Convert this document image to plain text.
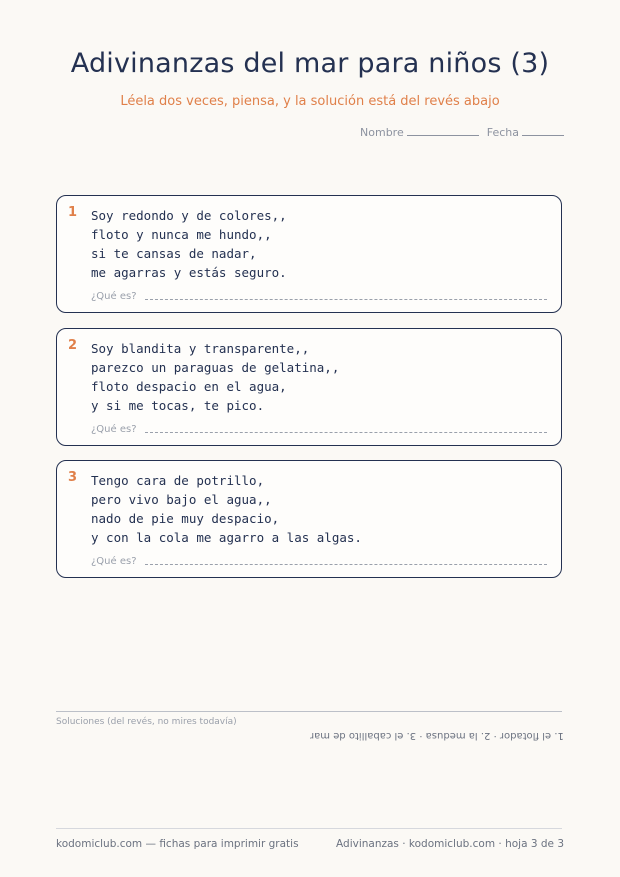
Adivinanzas del mar para niños (3)
Léela dos veces, piensa, y la solución está del revés abajo
Nombre	Fecha
1 Soy redondo y de colores,,
floto y nunca me hundo,,
si te cansas de nadar,
me agarras y estás seguro.
¿Qué es?
2 Soy blandita y transparente,,
parezco un paraguas de gelatina,,
floto despacio en el agua,
y si me tocas, te pico.
¿Qué es?
3 Tengo cara de potrillo,
pero vivo bajo el agua,,
nado de pie muy despacio,
y con la cola me agarro a las algas.
¿Qué es?
Soluciones (del revés, no mires todavía)
1. el flotador · 2. la medusa · 3. el caballito de mar
kodomiclub.com — fichas para imprimir gratis	Adivinanzas · kodomiclub.com · hoja 3 de 3
